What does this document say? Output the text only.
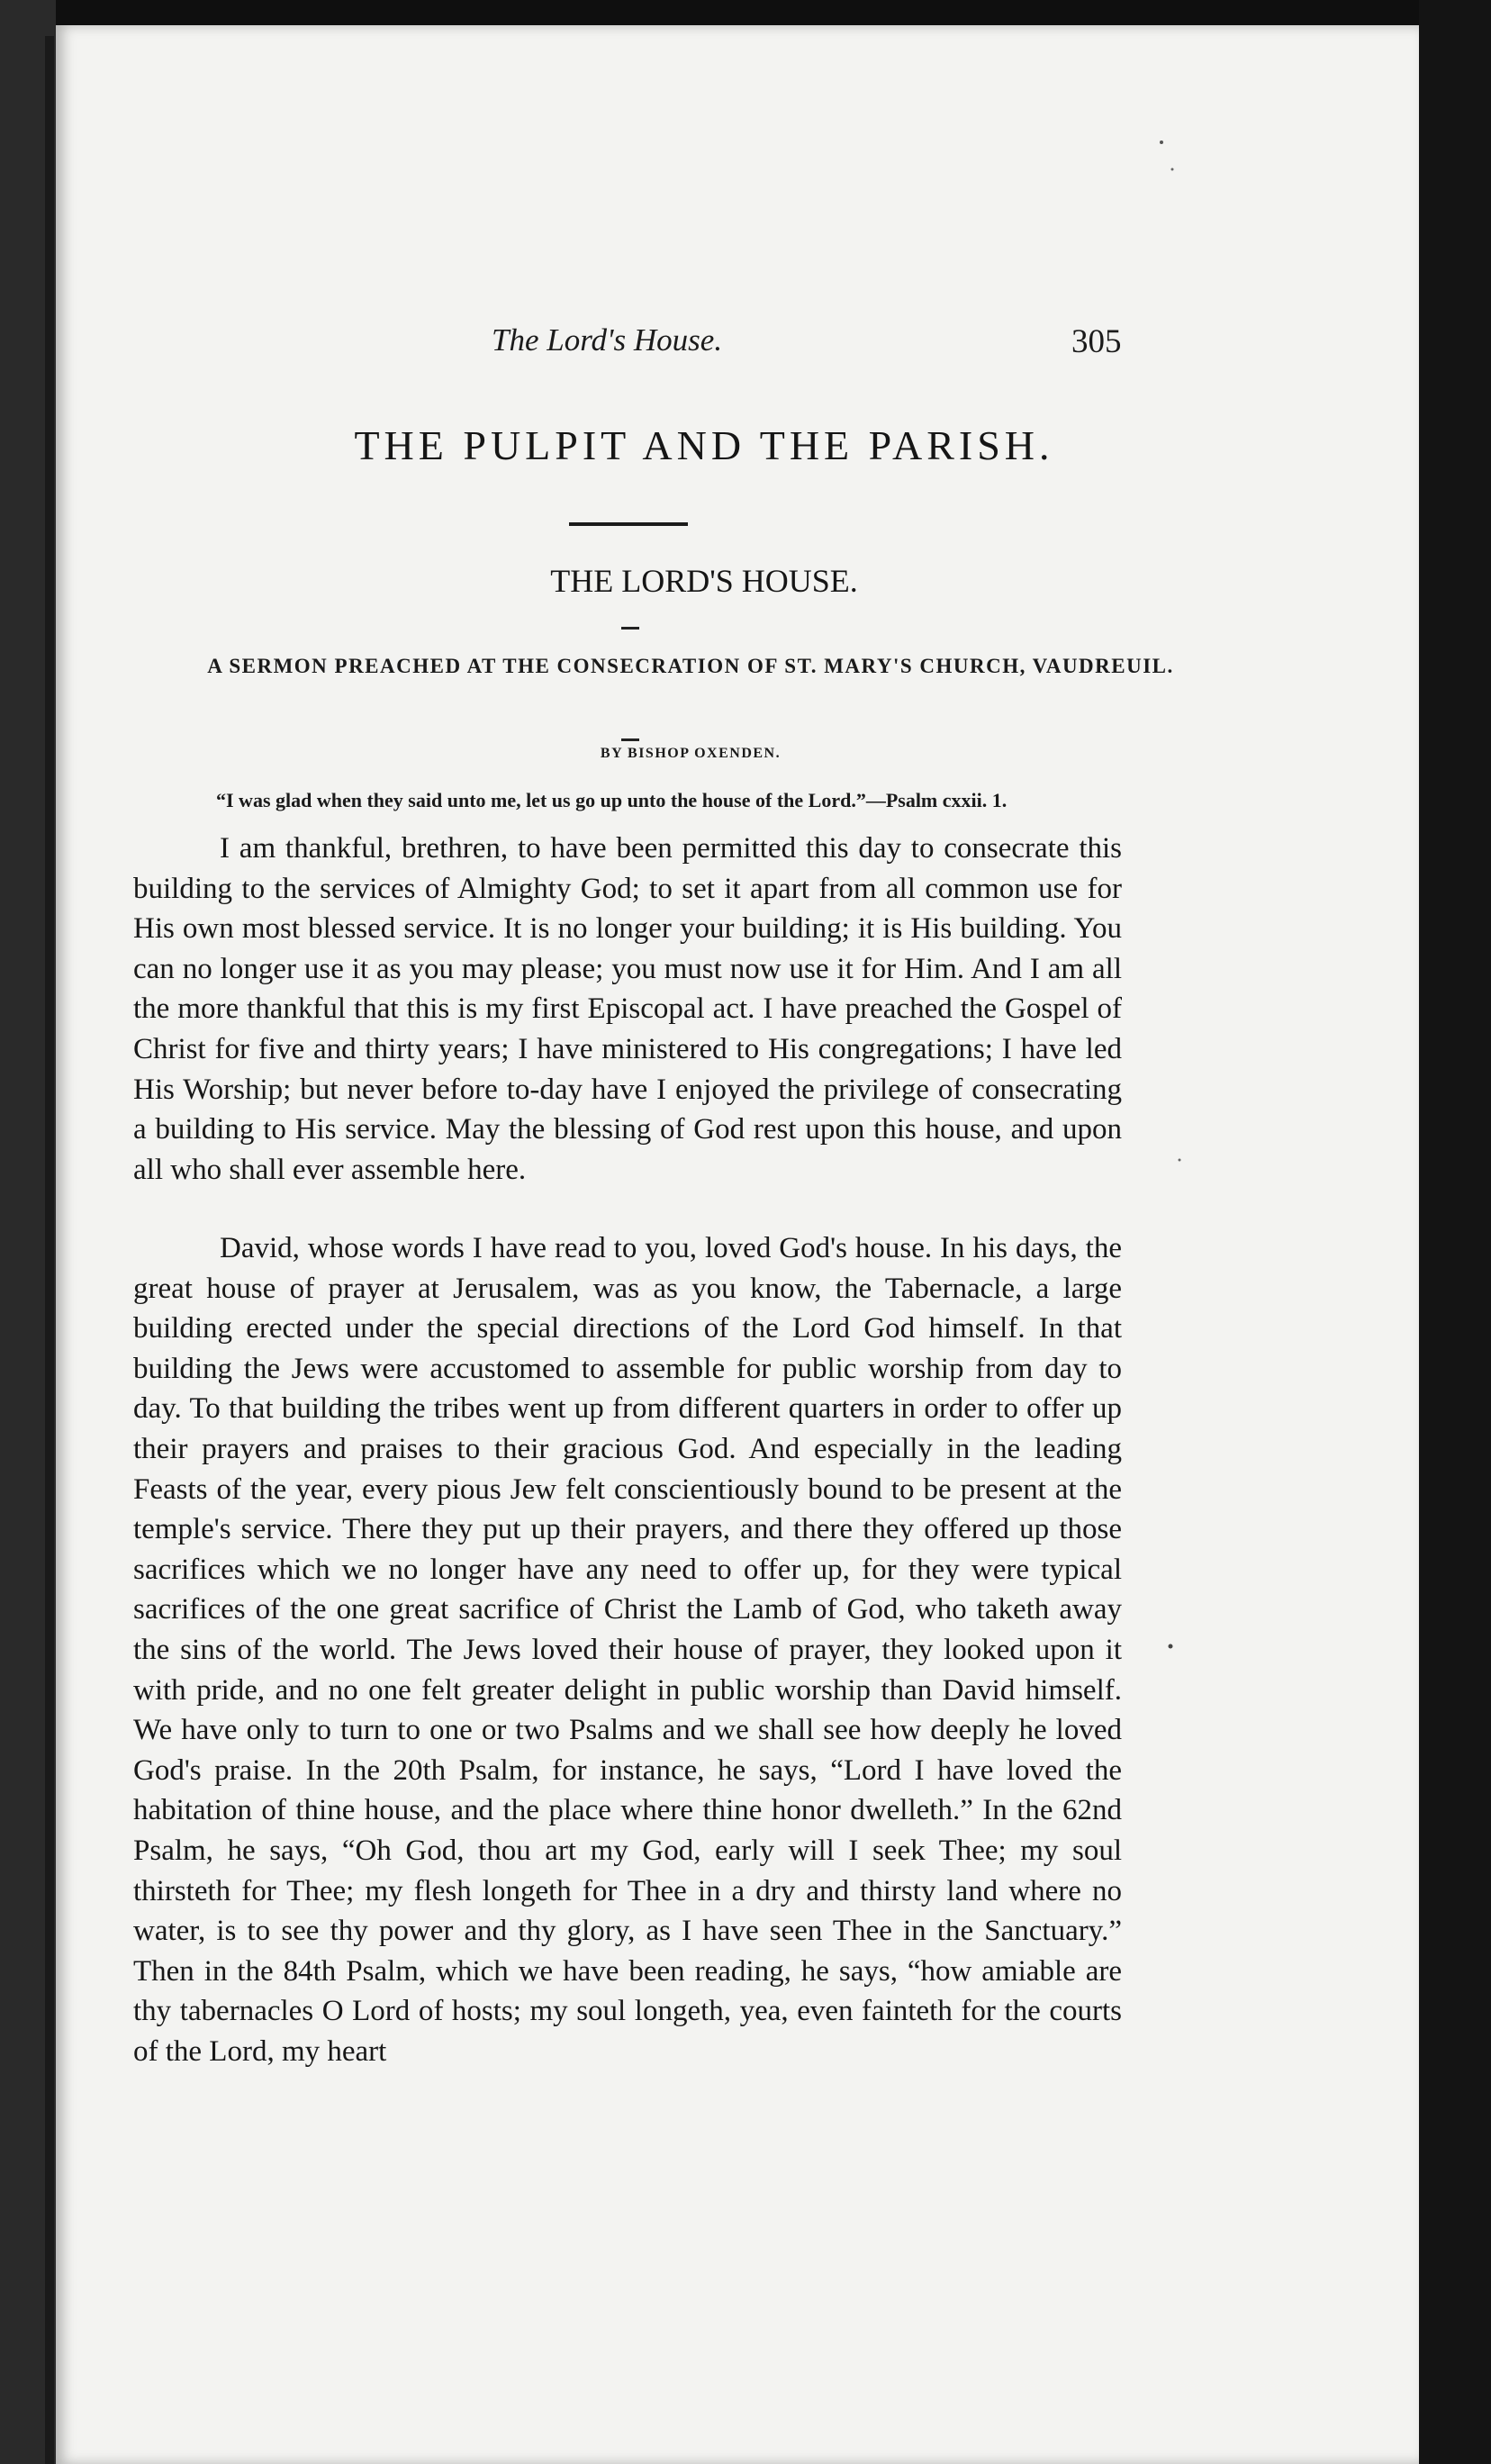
The Lord's House.	305
THE PULPIT AND THE PARISH.
THE LORD'S HOUSE.
A SERMON PREACHED AT THE CONSECRATION OF ST. MARY'S CHURCH, VAUDREUIL.
BY BISHOP OXENDEN.
“I was glad when they said unto me, let us go up unto the house of the Lord.”—Psalm cxxii. 1.

I am thankful, brethren, to have been permitted this day to consecrate this building to the services of Almighty God; to set it apart from all common use for His own most blessed service. It is no longer your building; it is His building. You can no longer use it as you may please; you must now use it for Him. And I am all the more thankful that this is my first Episcopal act. I have preached the Gospel of Christ for five and thirty years; I have ministered to His congregations; I have led His Worship; but never before to-day have I enjoyed the privilege of consecrating a building to His service. May the blessing of God rest upon this house, and upon all who shall ever assemble here.

David, whose words I have read to you, loved God's house. In his days, the great house of prayer at Jerusalem, was as you know, the Tabernacle, a large building erected under the special directions of the Lord God himself. In that building the Jews were accustomed to assemble for public worship from day to day. To that building the tribes went up from different quarters in order to offer up their prayers and praises to their gracious God. And especially in the leading Feasts of the year, every pious Jew felt conscientiously bound to be present at the temple's service. There they put up their prayers, and there they offered up those sacrifices which we no longer have any need to offer up, for they were typical sacrifices of the one great sacrifice of Christ the Lamb of God, who taketh away the sins of the world. The Jews loved their house of prayer, they looked upon it with pride, and no one felt greater delight in public worship than David himself. We have only to turn to one or two Psalms and we shall see how deeply he loved God's praise. In the 20th Psalm, for instance, he says, “Lord I have loved the habitation of thine house, and the place where thine honor dwelleth.” In the 62nd Psalm, he says, “Oh God, thou art my God, early will I seek Thee; my soul thirsteth for Thee; my flesh longeth for Thee in a dry and thirsty land where no water, is to see thy power and thy glory, as I have seen Thee in the Sanctuary.” Then in the 84th Psalm, which we have been reading, he says, “how amiable are thy tabernacles O Lord of hosts; my soul longeth, yea, even fainteth for the courts of the Lord, my heart
